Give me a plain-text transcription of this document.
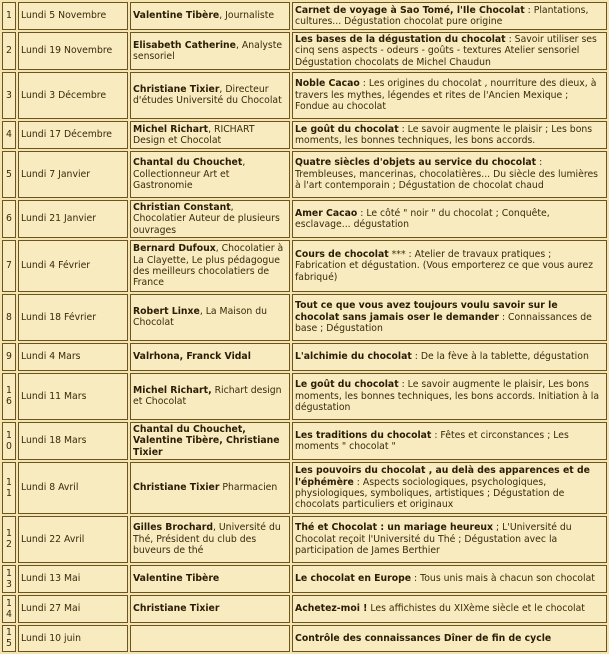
1	Lundi 5 Novembre	Valentine Tibère, Journaliste	Carnet de voyage à Sao Tomé, l'Ile Chocolat : Plantations, cultures... Dégustation chocolat pure origine
2	Lundi 19 Novembre	Elisabeth Catherine, Analyste sensoriel	Les bases de la dégustation du chocolat : Savoir utiliser ses cinq sens aspects - odeurs - goûts - textures Atelier sensoriel Dégustation chocolats de Michel Chaudun
3	Lundi 3 Décembre	Christiane Tixier, Directeur d'études Université du Chocolat	Noble Cacao : Les origines du chocolat , nourriture des dieux, à travers les mythes, légendes et rites de l'Ancien Mexique ; Fondue au chocolat
4	Lundi 17 Décembre	Michel Richart, RICHART Design et Chocolat	Le goût du chocolat : Le savoir augmente le plaisir ; Les bons moments, les bonnes techniques, les bons accords.
5	Lundi 7 Janvier	Chantal du Chouchet, Collectionneur Art et Gastronomie	Quatre siècles d'objets au service du chocolat : Trembleuses, mancerinas, chocolatières... Du siècle des lumières à l'art contemporain ; Dégustation de chocolat chaud
6	Lundi 21 Janvier	Christian Constant, Chocolatier Auteur de plusieurs ouvrages	Amer Cacao : Le côté " noir " du chocolat ; Conquête, esclavage... dégustation
7	Lundi 4 Février	Bernard Dufoux, Chocolatier à La Clayette, Le plus pédagogue des meilleurs chocolatiers de France	Cours de chocolat *** : Atelier de travaux pratiques ; Fabrication et dégustation. (Vous emporterez ce que vous aurez fabriqué)
8	Lundi 18 Février	Robert Linxe, La Maison du Chocolat	Tout ce que vous avez toujours voulu savoir sur le chocolat sans jamais oser le demander : Connaissances de base ; Dégustation
9	Lundi 4 Mars	Valrhona, Franck Vidal	L'alchimie du chocolat : De la fève à la tablette, dégustation
16	Lundi 11 Mars	Michel Richart, Richart design et Chocolat	Le goût du chocolat : Le savoir augmente le plaisir, Les bons moments, les bonnes techniques, les bons accords. Initiation à la dégustation
10	Lundi 18 Mars	Chantal du Chouchet, Valentine Tibère, Christiane Tixier	Les traditions du chocolat : Fêtes et circonstances ; Les moments " chocolat "
11	Lundi 8 Avril	Christiane Tixier Pharmacien	Les pouvoirs du chocolat , au delà des apparences et de l'éphémère : Aspects sociologiques, psychologiques, physiologiques, symboliques, artistiques ; Dégustation de chocolats particuliers et originaux
12	Lundi 22 Avril	Gilles Brochard, Université du Thé, Président du club des buveurs de thé	Thé et Chocolat : un mariage heureux ; L'Université du Chocolat reçoit l'Université du Thé ; Dégustation avec la participation de James Berthier
13	Lundi 13 Mai	Valentine Tibère	Le chocolat en Europe : Tous unis mais à chacun son chocolat
14	Lundi 27 Mai	Christiane Tixier	Achetez-moi ! Les affichistes du XIXème siècle et le chocolat
15	Lundi 10 juin		Contrôle des connaissances Dîner de fin de cycle
